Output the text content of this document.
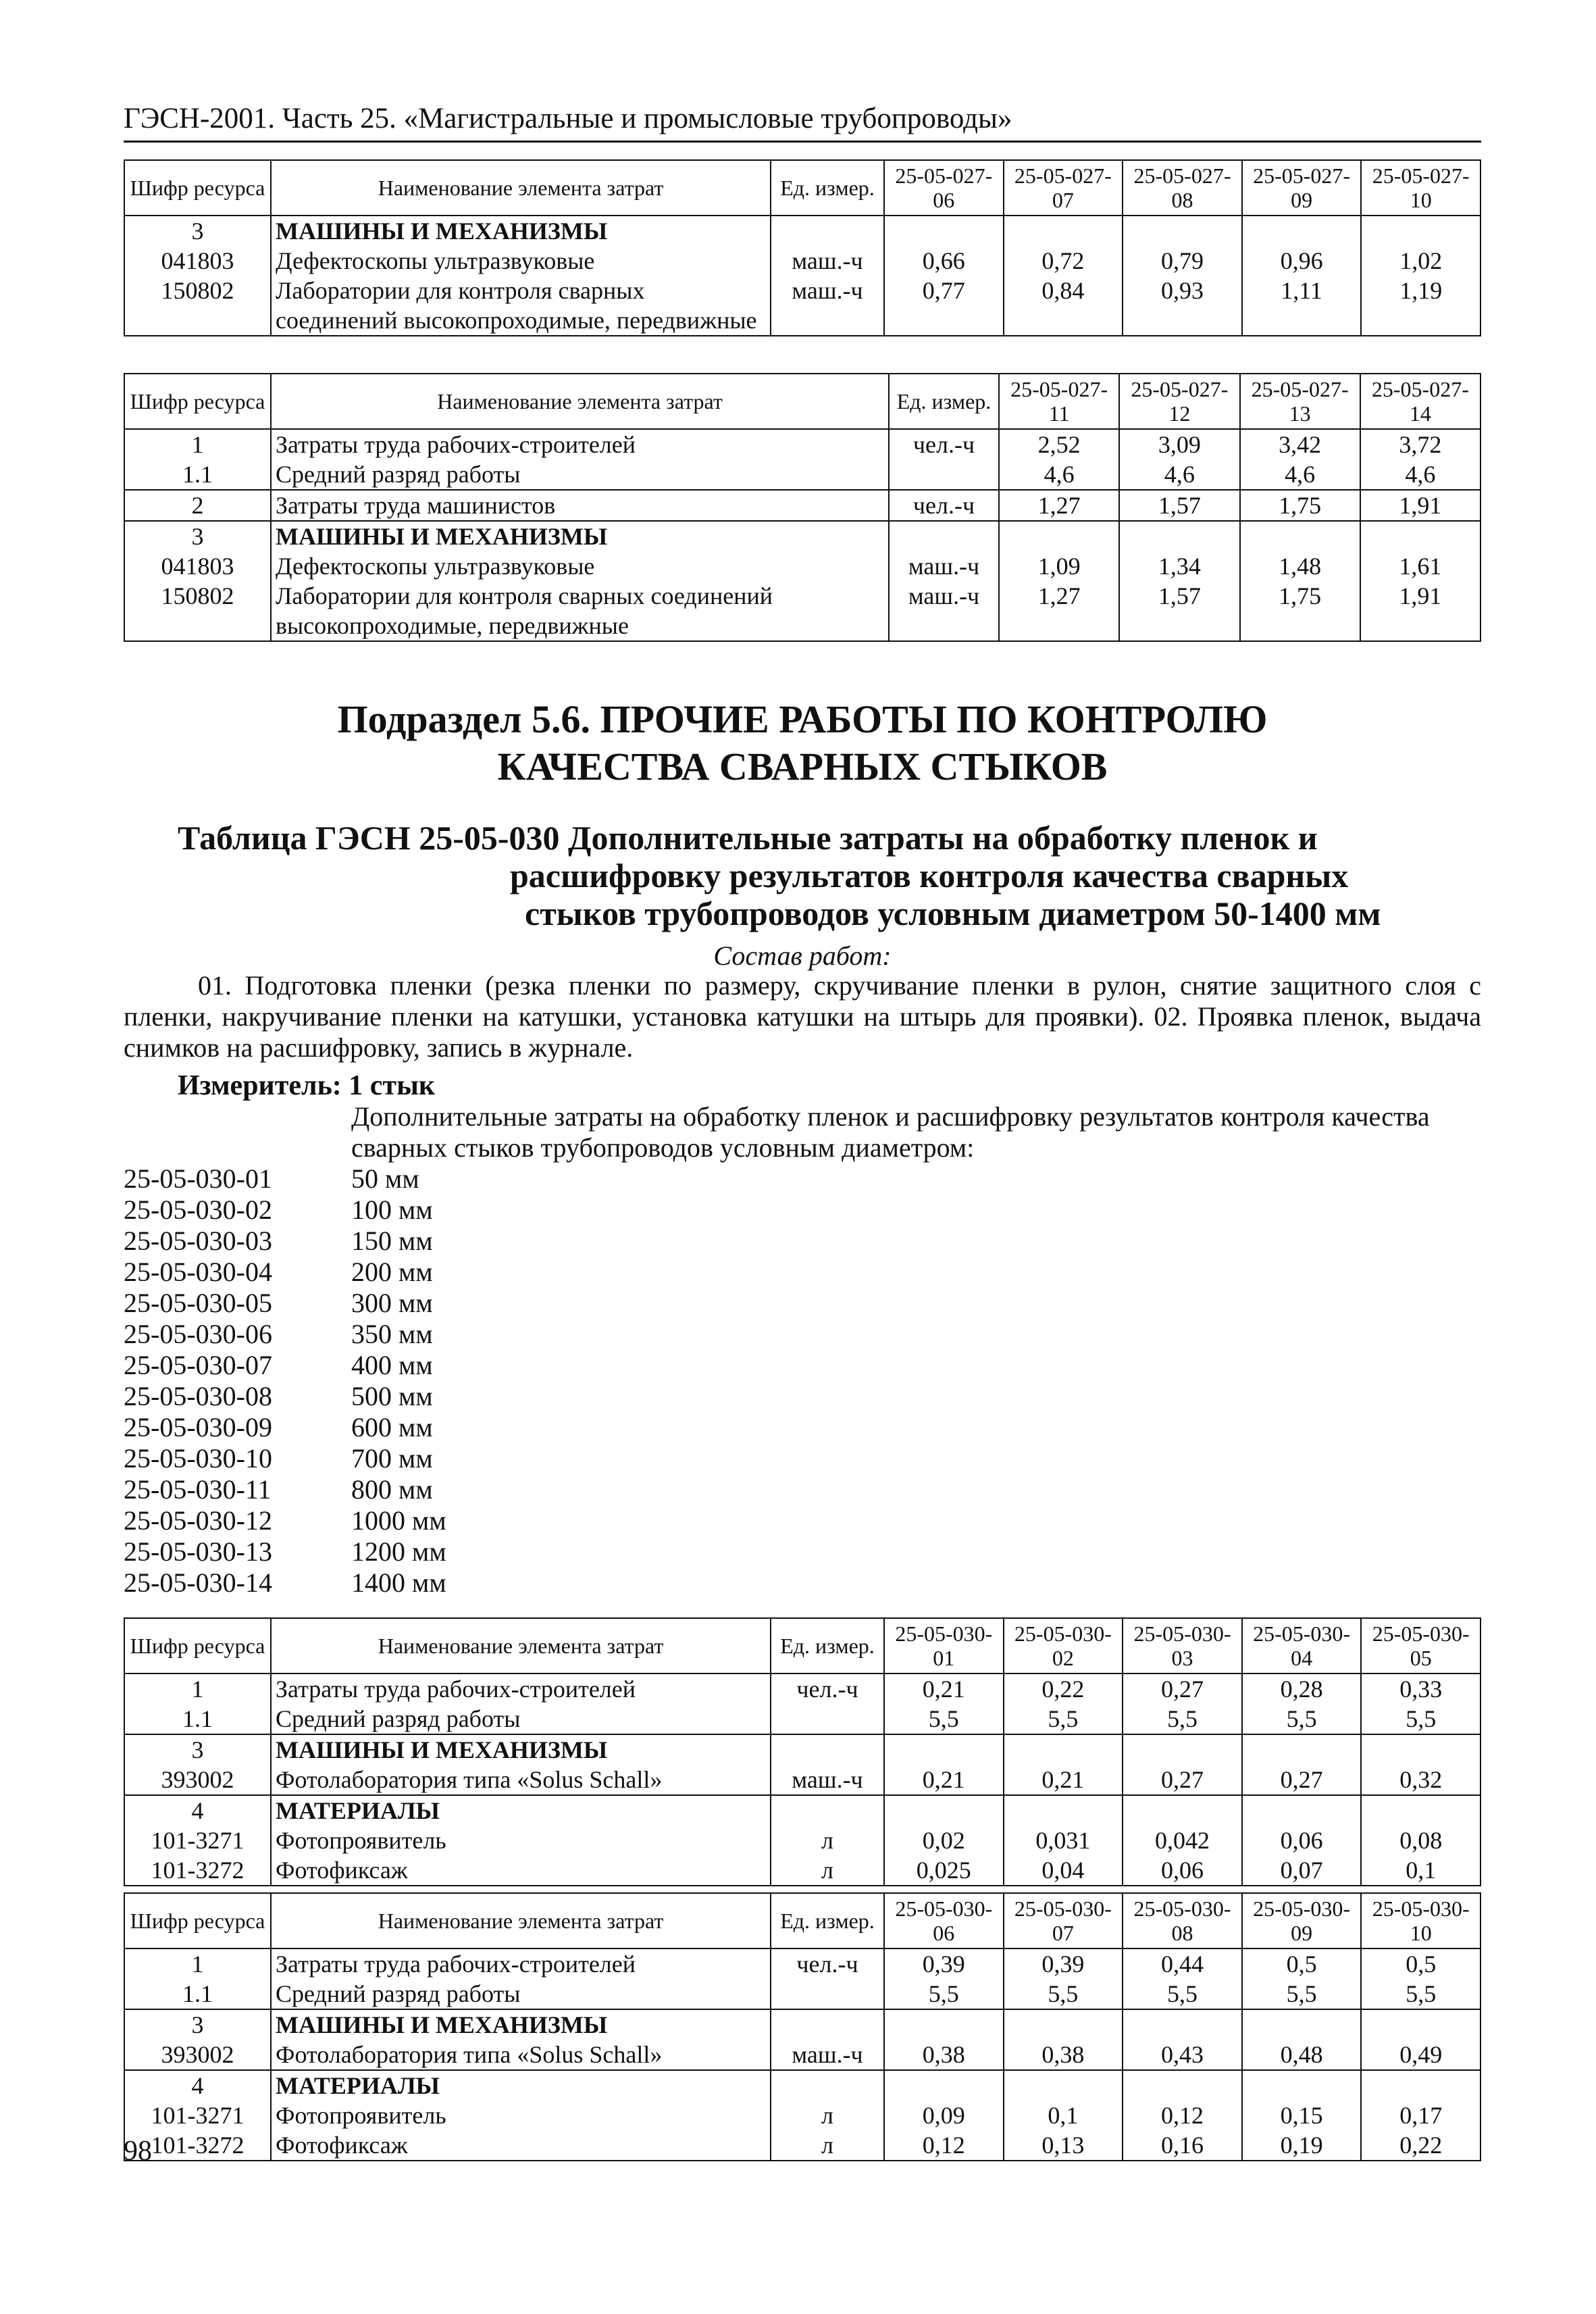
ГЭСН-2001. Часть 25. «Магистральные и промысловые трубопроводы»
Шифр ресурса	Наименование элемента затрат	Ед. измер.	25-05-027-06	25-05-027-07	25-05-027-08	25-05-027-09	25-05-027-10
3	МАШИНЫ И МЕХАНИЗМЫ						
041803	Дефектоскопы ультразвуковые	маш.-ч	0,66	0,72	0,79	0,96	1,02
150802	Лаборатории для контроля сварных соединений высокопроходимые, передвижные	маш.-ч	0,77	0,84	0,93	1,11	1,19
Шифр ресурса	Наименование элемента затрат	Ед. измер.	25-05-027-11	25-05-027-12	25-05-027-13	25-05-027-14
1	Затраты труда рабочих-строителей	чел.-ч	2,52	3,09	3,42	3,72
1.1	Средний разряд работы		4,6	4,6	4,6	4,6
2	Затраты труда машинистов	чел.-ч	1,27	1,57	1,75	1,91
3	МАШИНЫ И МЕХАНИЗМЫ					
041803	Дефектоскопы ультразвуковые	маш.-ч	1,09	1,34	1,48	1,61
150802	Лаборатории для контроля сварных соединений высокопроходимые, передвижные	маш.-ч	1,27	1,57	1,75	1,91
Подраздел 5.6. ПРОЧИЕ РАБОТЫ ПО КОНТРОЛЮ КАЧЕСТВА СВАРНЫХ СТЫКОВ
Таблица ГЭСН 25-05-030 Дополнительные затраты на обработку пленок и
расшифровку результатов контроля качества сварных
стыков трубопроводов условным диаметром 50-1400 мм
Состав работ:
01. Подготовка пленки (резка пленки по размеру, скручивание пленки в рулон, снятие защитного слоя с пленки, накручивание пленки на катушки, установка катушки на штырь для проявки). 02. Проявка пленок, выдача снимков на расшифровку, запись в журнале.
Измеритель: 1 стык
Дополнительные затраты на обработку пленок и расшифровку результатов контроля качества сварных стыков трубопроводов условным диаметром:
25-05-030-01	50 мм
25-05-030-02	100 мм
25-05-030-03	150 мм
25-05-030-04	200 мм
25-05-030-05	300 мм
25-05-030-06	350 мм
25-05-030-07	400 мм
25-05-030-08	500 мм
25-05-030-09	600 мм
25-05-030-10	700 мм
25-05-030-11	800 мм
25-05-030-12	1000 мм
25-05-030-13	1200 мм
25-05-030-14	1400 мм
Шифр ресурса	Наименование элемента затрат	Ед. измер.	25-05-030-01	25-05-030-02	25-05-030-03	25-05-030-04	25-05-030-05
1	Затраты труда рабочих-строителей	чел.-ч	0,21	0,22	0,27	0,28	0,33
1.1	Средний разряд работы		5,5	5,5	5,5	5,5	5,5
3	МАШИНЫ И МЕХАНИЗМЫ						
393002	Фотолаборатория типа «Solus Schall»	маш.-ч	0,21	0,21	0,27	0,27	0,32
4	МАТЕРИАЛЫ						
101-3271	Фотопроявитель	л	0,02	0,031	0,042	0,06	0,08
101-3272	Фотофиксаж	л	0,025	0,04	0,06	0,07	0,1
Шифр ресурса	Наименование элемента затрат	Ед. измер.	25-05-030-06	25-05-030-07	25-05-030-08	25-05-030-09	25-05-030-10
1	Затраты труда рабочих-строителей	чел.-ч	0,39	0,39	0,44	0,5	0,5
1.1	Средний разряд работы		5,5	5,5	5,5	5,5	5,5
3	МАШИНЫ И МЕХАНИЗМЫ						
393002	Фотолаборатория типа «Solus Schall»	маш.-ч	0,38	0,38	0,43	0,48	0,49
4	МАТЕРИАЛЫ						
101-3271	Фотопроявитель	л	0,09	0,1	0,12	0,15	0,17
101-3272	Фотофиксаж	л	0,12	0,13	0,16	0,19	0,22
98
